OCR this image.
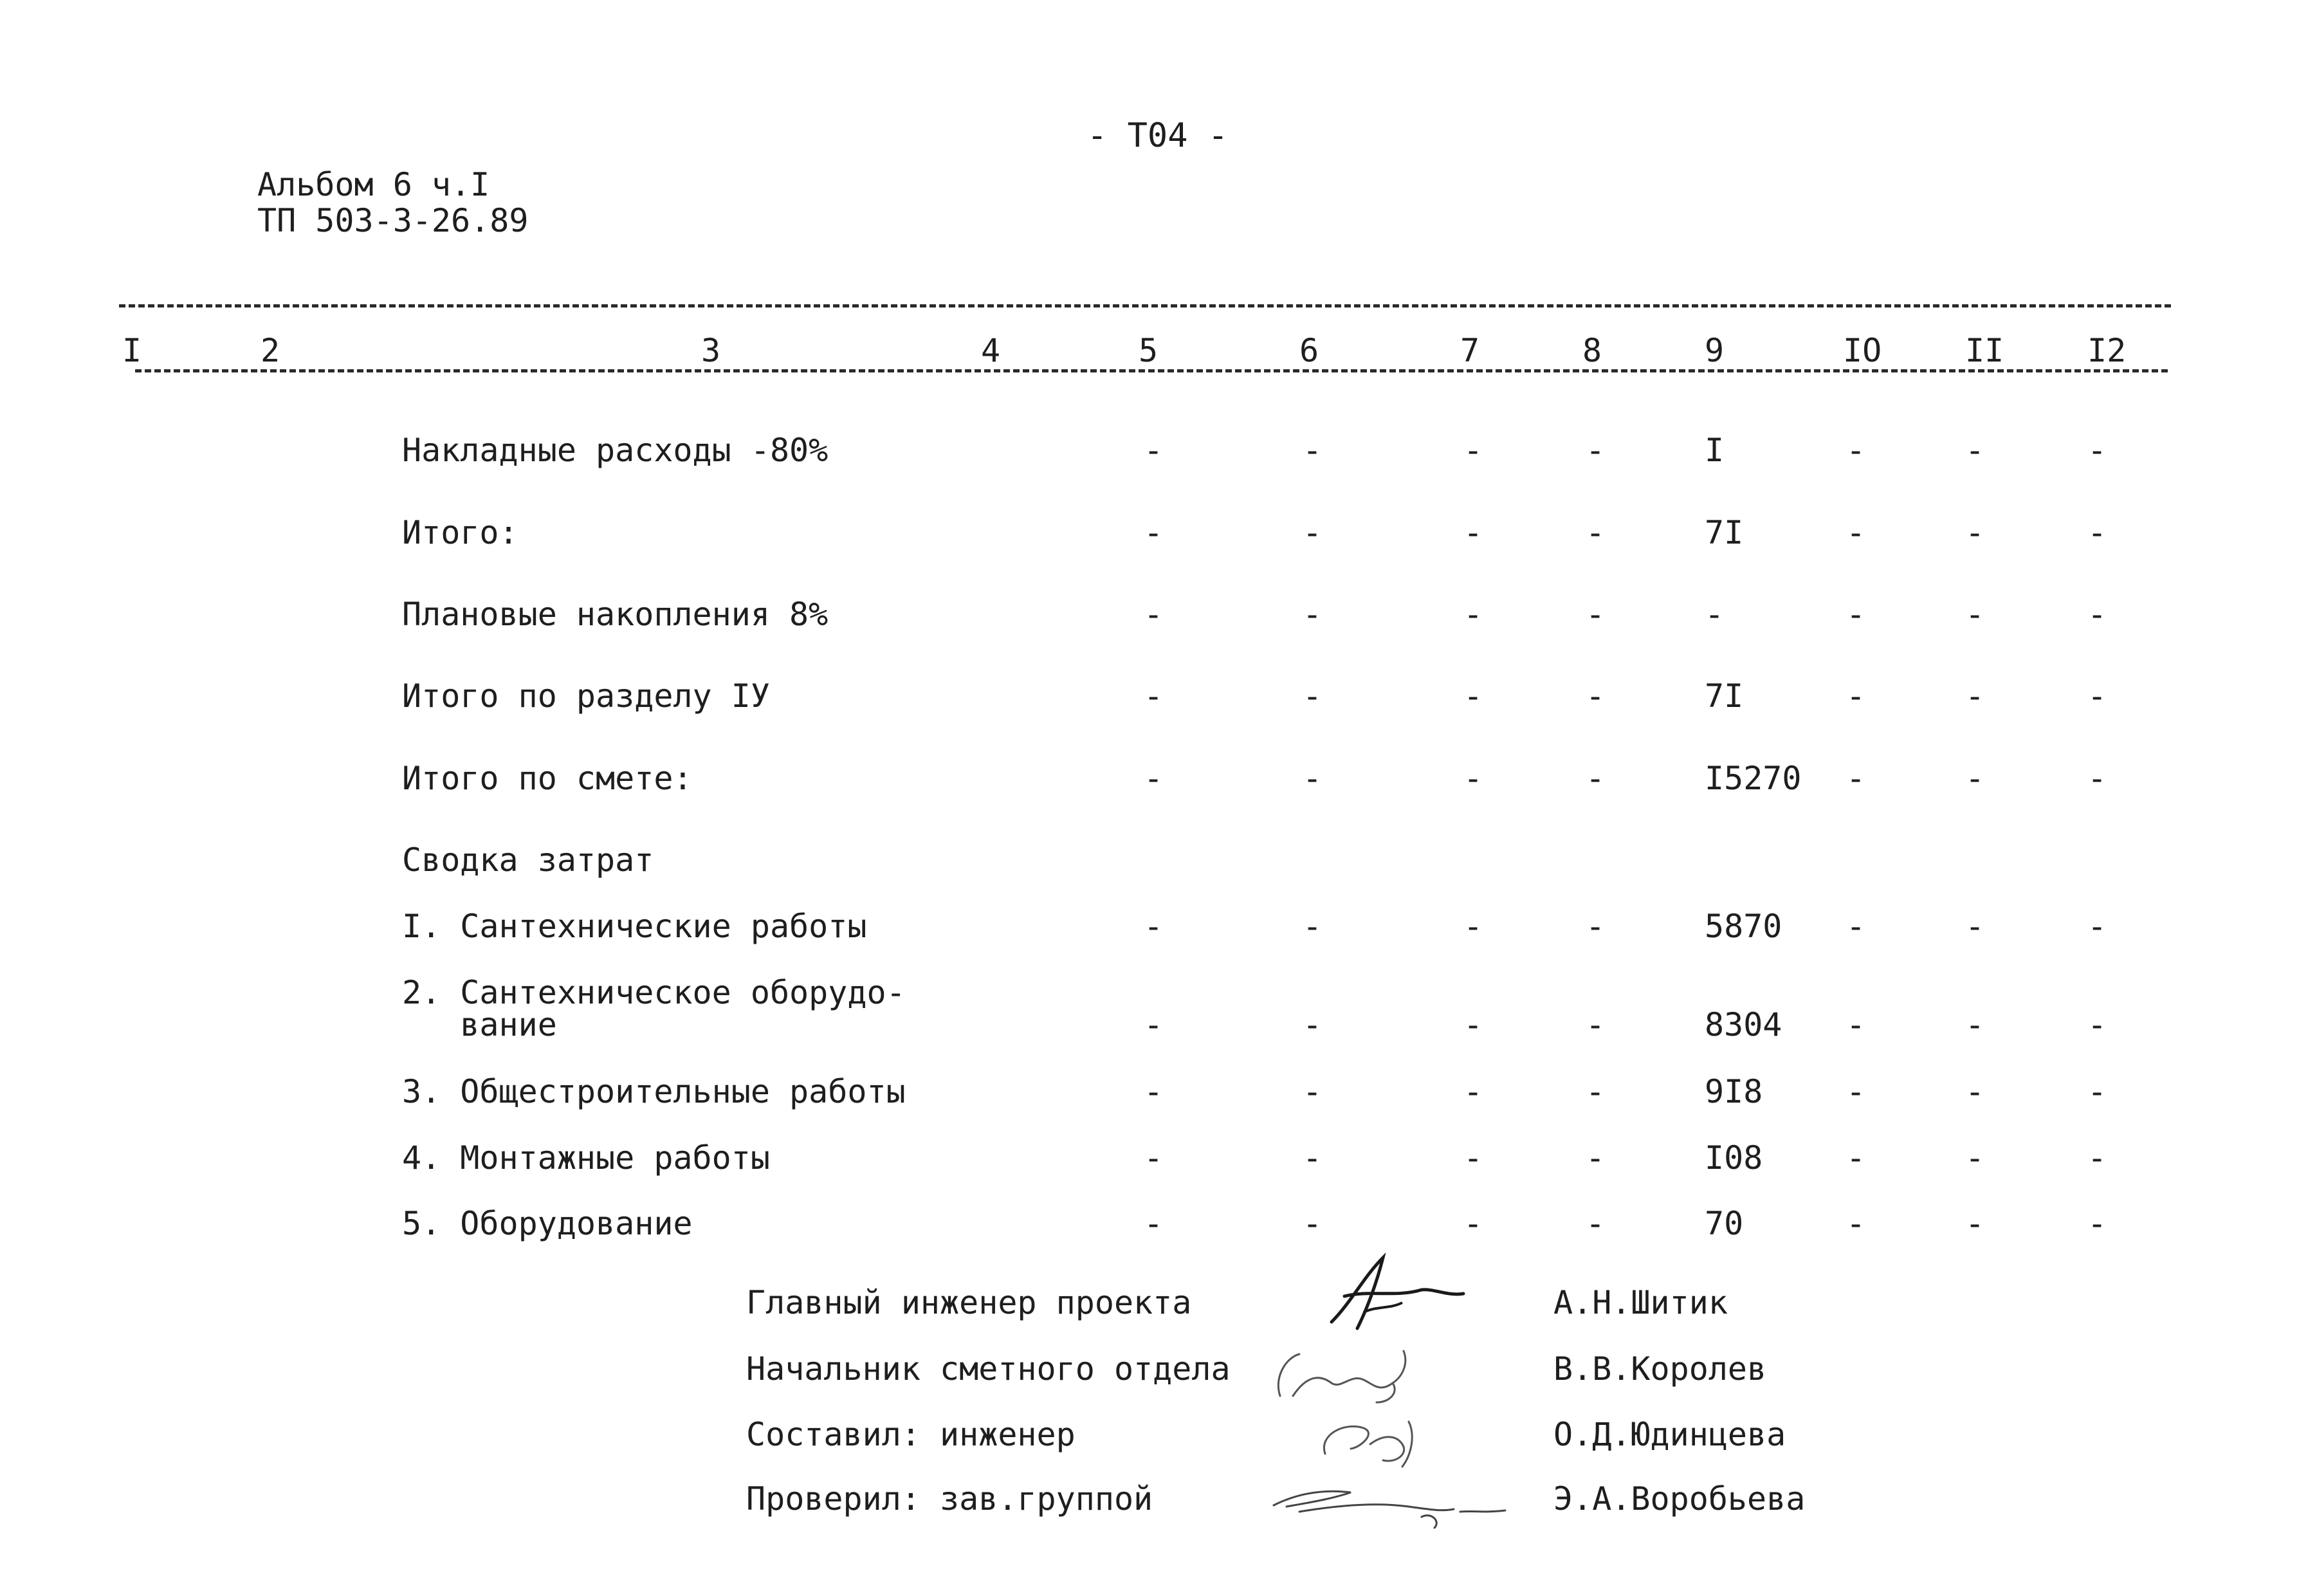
- Т04 -
Альбом 6 ч.I
ТП 503-3-26.89
I	2	3	4	5	6	7	8	9	IO	II	I2
Накладные расходы -80%	-	-	-	-	I	-	-	-
Итого:	-	-	-	-	7I	-	-	-
Плановые накопления 8%	-	-	-	-	-	-	-	-
Итого по разделу IУ	-	-	-	-	7I	-	-	-
Итого по смете:	-	-	-	-	I5270 -	-	-
Сводка затрат
I. Сантехнические работы	-	-	-	-	5870 -	-	-
2. Сантехническое оборудо-
вание	-	-	-	-	8304 -	-	-
3. Общестроительные работы	-	-	-	-	9I8	-	-	-
4. Монтажные работы	-	-	-	-	I08	-	-	-
5. Оборудование	-	-	-	-	70	-	-	-
Главный инженер проекта	А.Н.Шитик
Начальник сметного отдела	В.В.Королев
Составил: инженер	О.Д.Юдинцева
Проверил: зав.группой	Э.А.Воробьева
